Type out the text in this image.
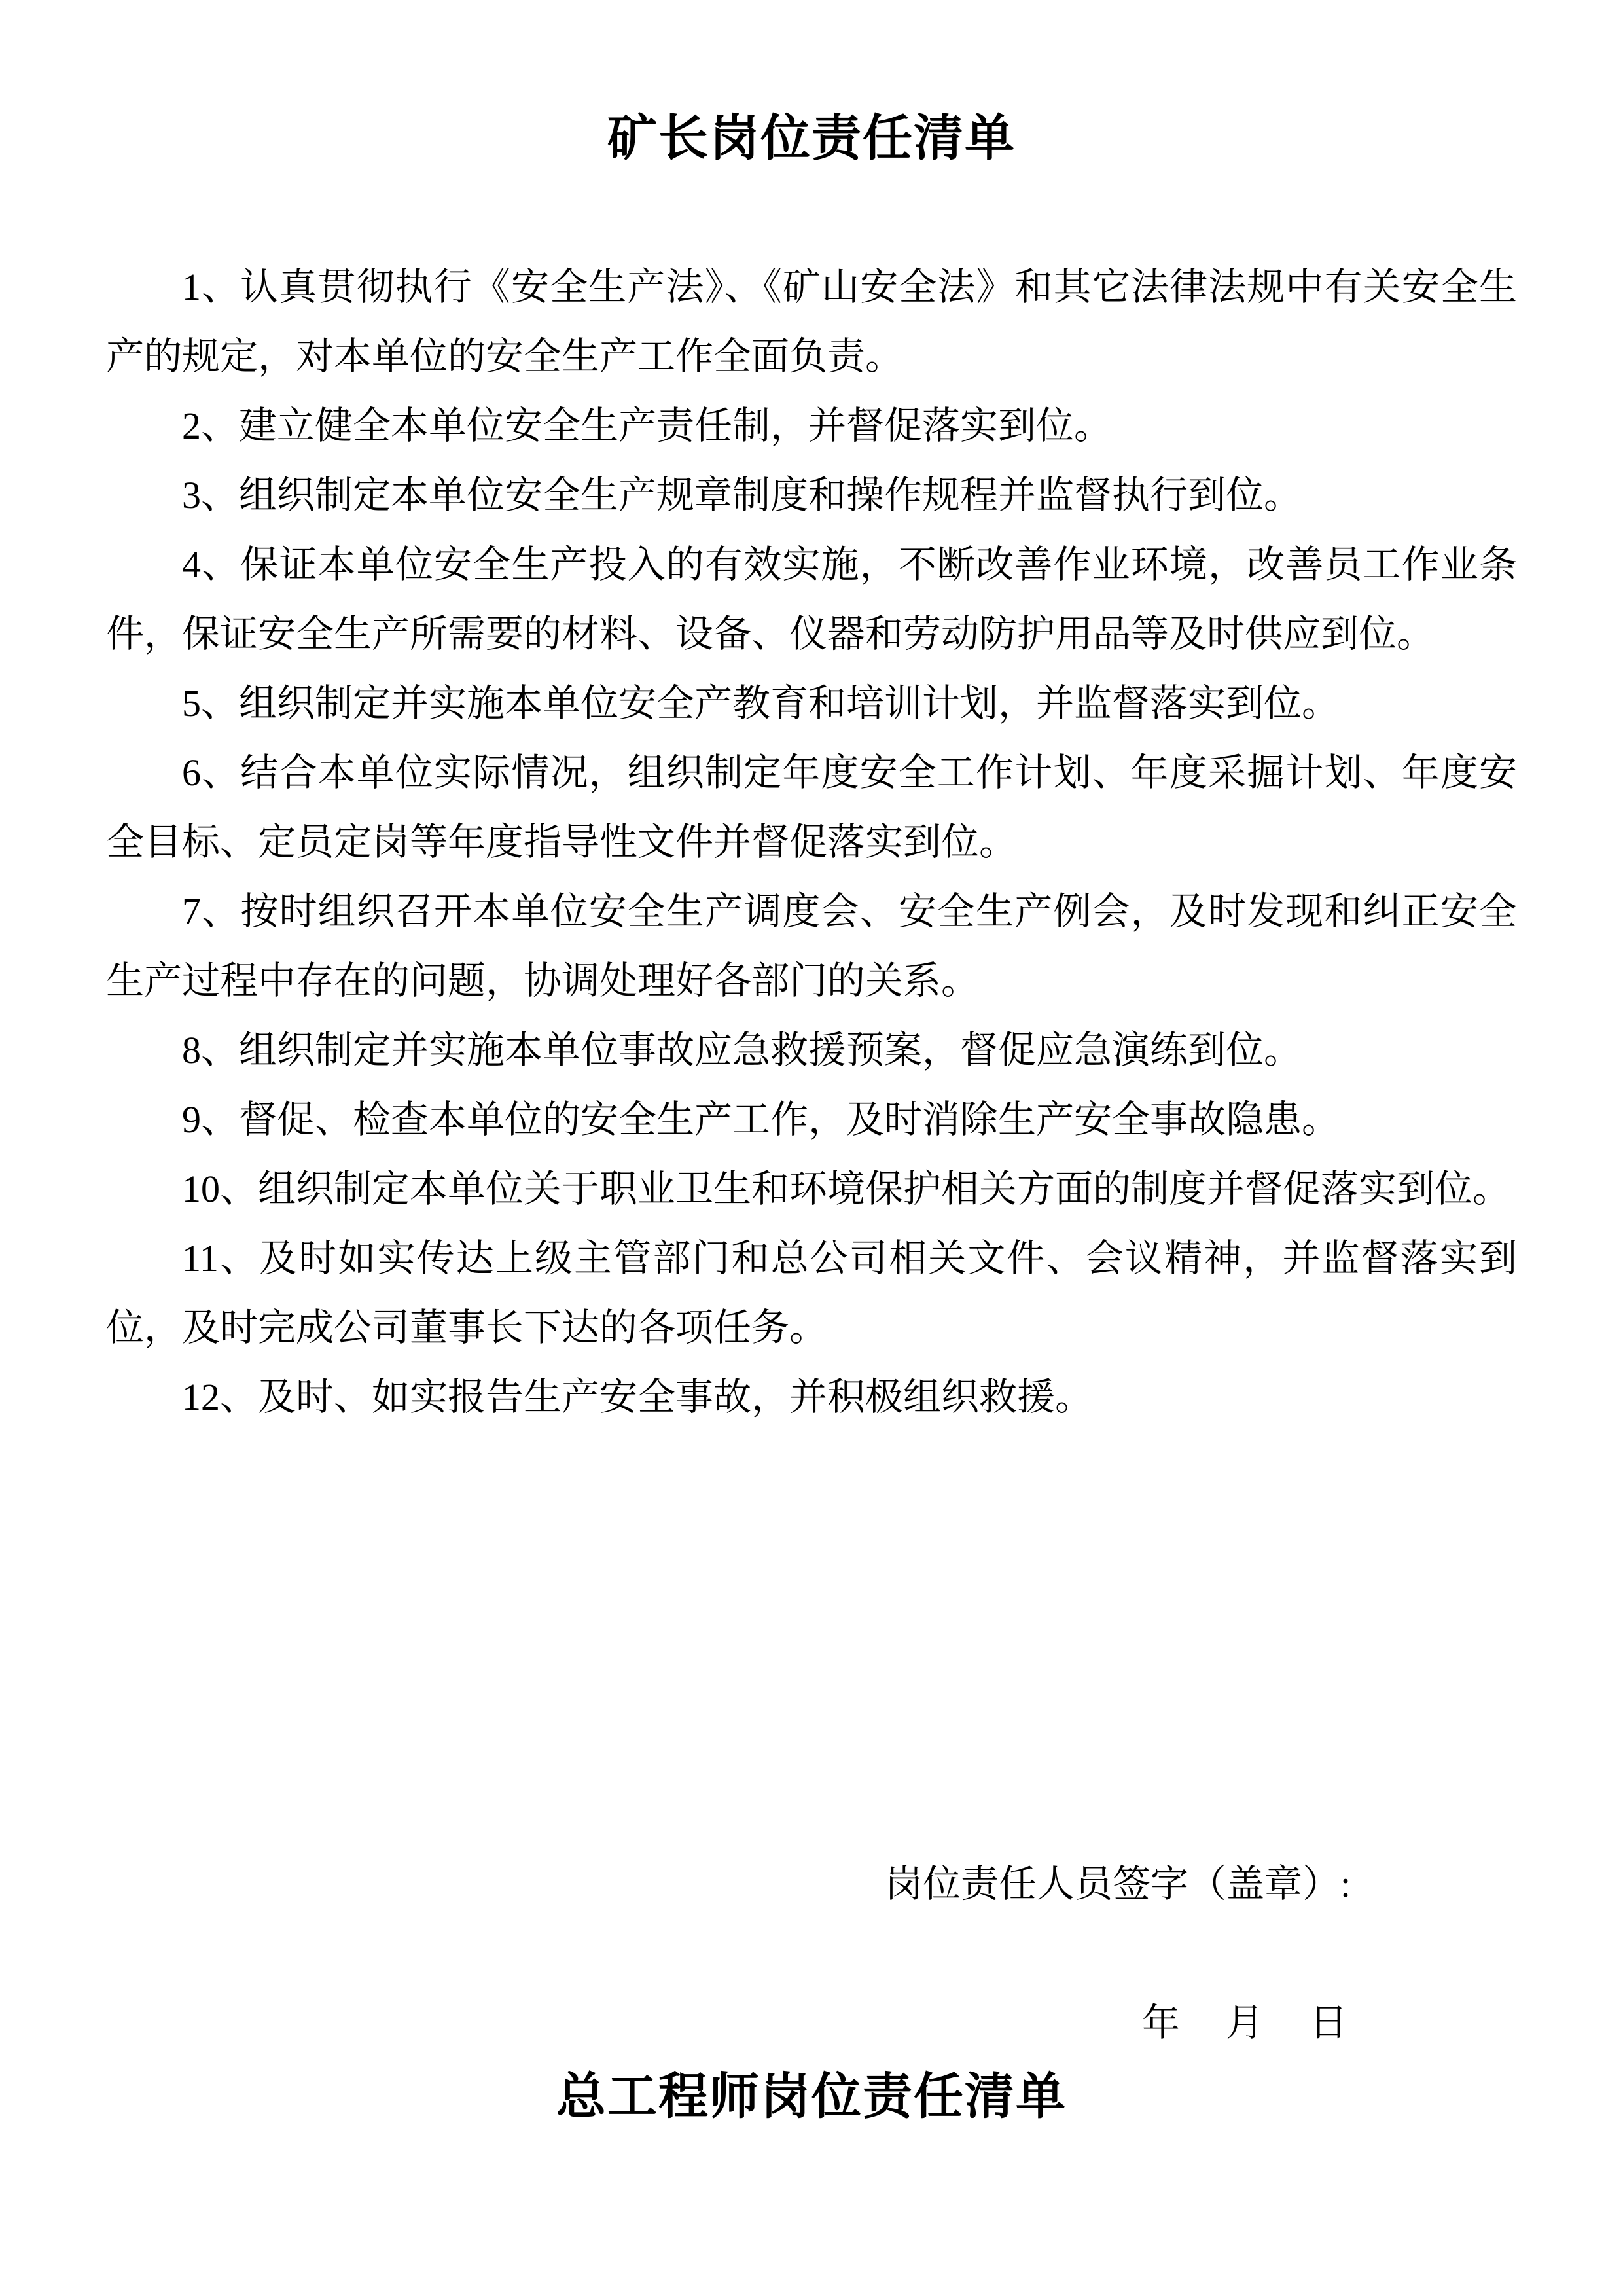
矿长岗位责任清单

1、认真贯彻执行《安全生产法》、《矿山安全法》和其它法律法规中有关安全生产的规定，对本单位的安全生产工作全面负责。

2、建立健全本单位安全生产责任制，并督促落实到位。

3、组织制定本单位安全生产规章制度和操作规程并监督执行到位。

4、保证本单位安全生产投入的有效实施，不断改善作业环境，改善员工作业条件，保证安全生产所需要的材料、设备、仪器和劳动防护用品等及时供应到位。

5、组织制定并实施本单位安全产教育和培训计划，并监督落实到位。

6、结合本单位实际情况，组织制定年度安全工作计划、年度采掘计划、年度安全目标、定员定岗等年度指导性文件并督促落实到位。

7、按时组织召开本单位安全生产调度会、安全生产例会，及时发现和纠正安全生产过程中存在的问题，协调处理好各部门的关系。

8、组织制定并实施本单位事故应急救援预案，督促应急演练到位。

9、督促、检查本单位的安全生产工作，及时消除生产安全事故隐患。

10、组织制定本单位关于职业卫生和环境保护相关方面的制度并督促落实到位。

11、及时如实传达上级主管部门和总公司相关文件、会议精神，并监督落实到位，及时完成公司董事长下达的各项任务。

12、及时、如实报告生产安全事故，并积极组织救援。

岗位责任人员签字（盖章）:

年　月　日

总工程师岗位责任清单
